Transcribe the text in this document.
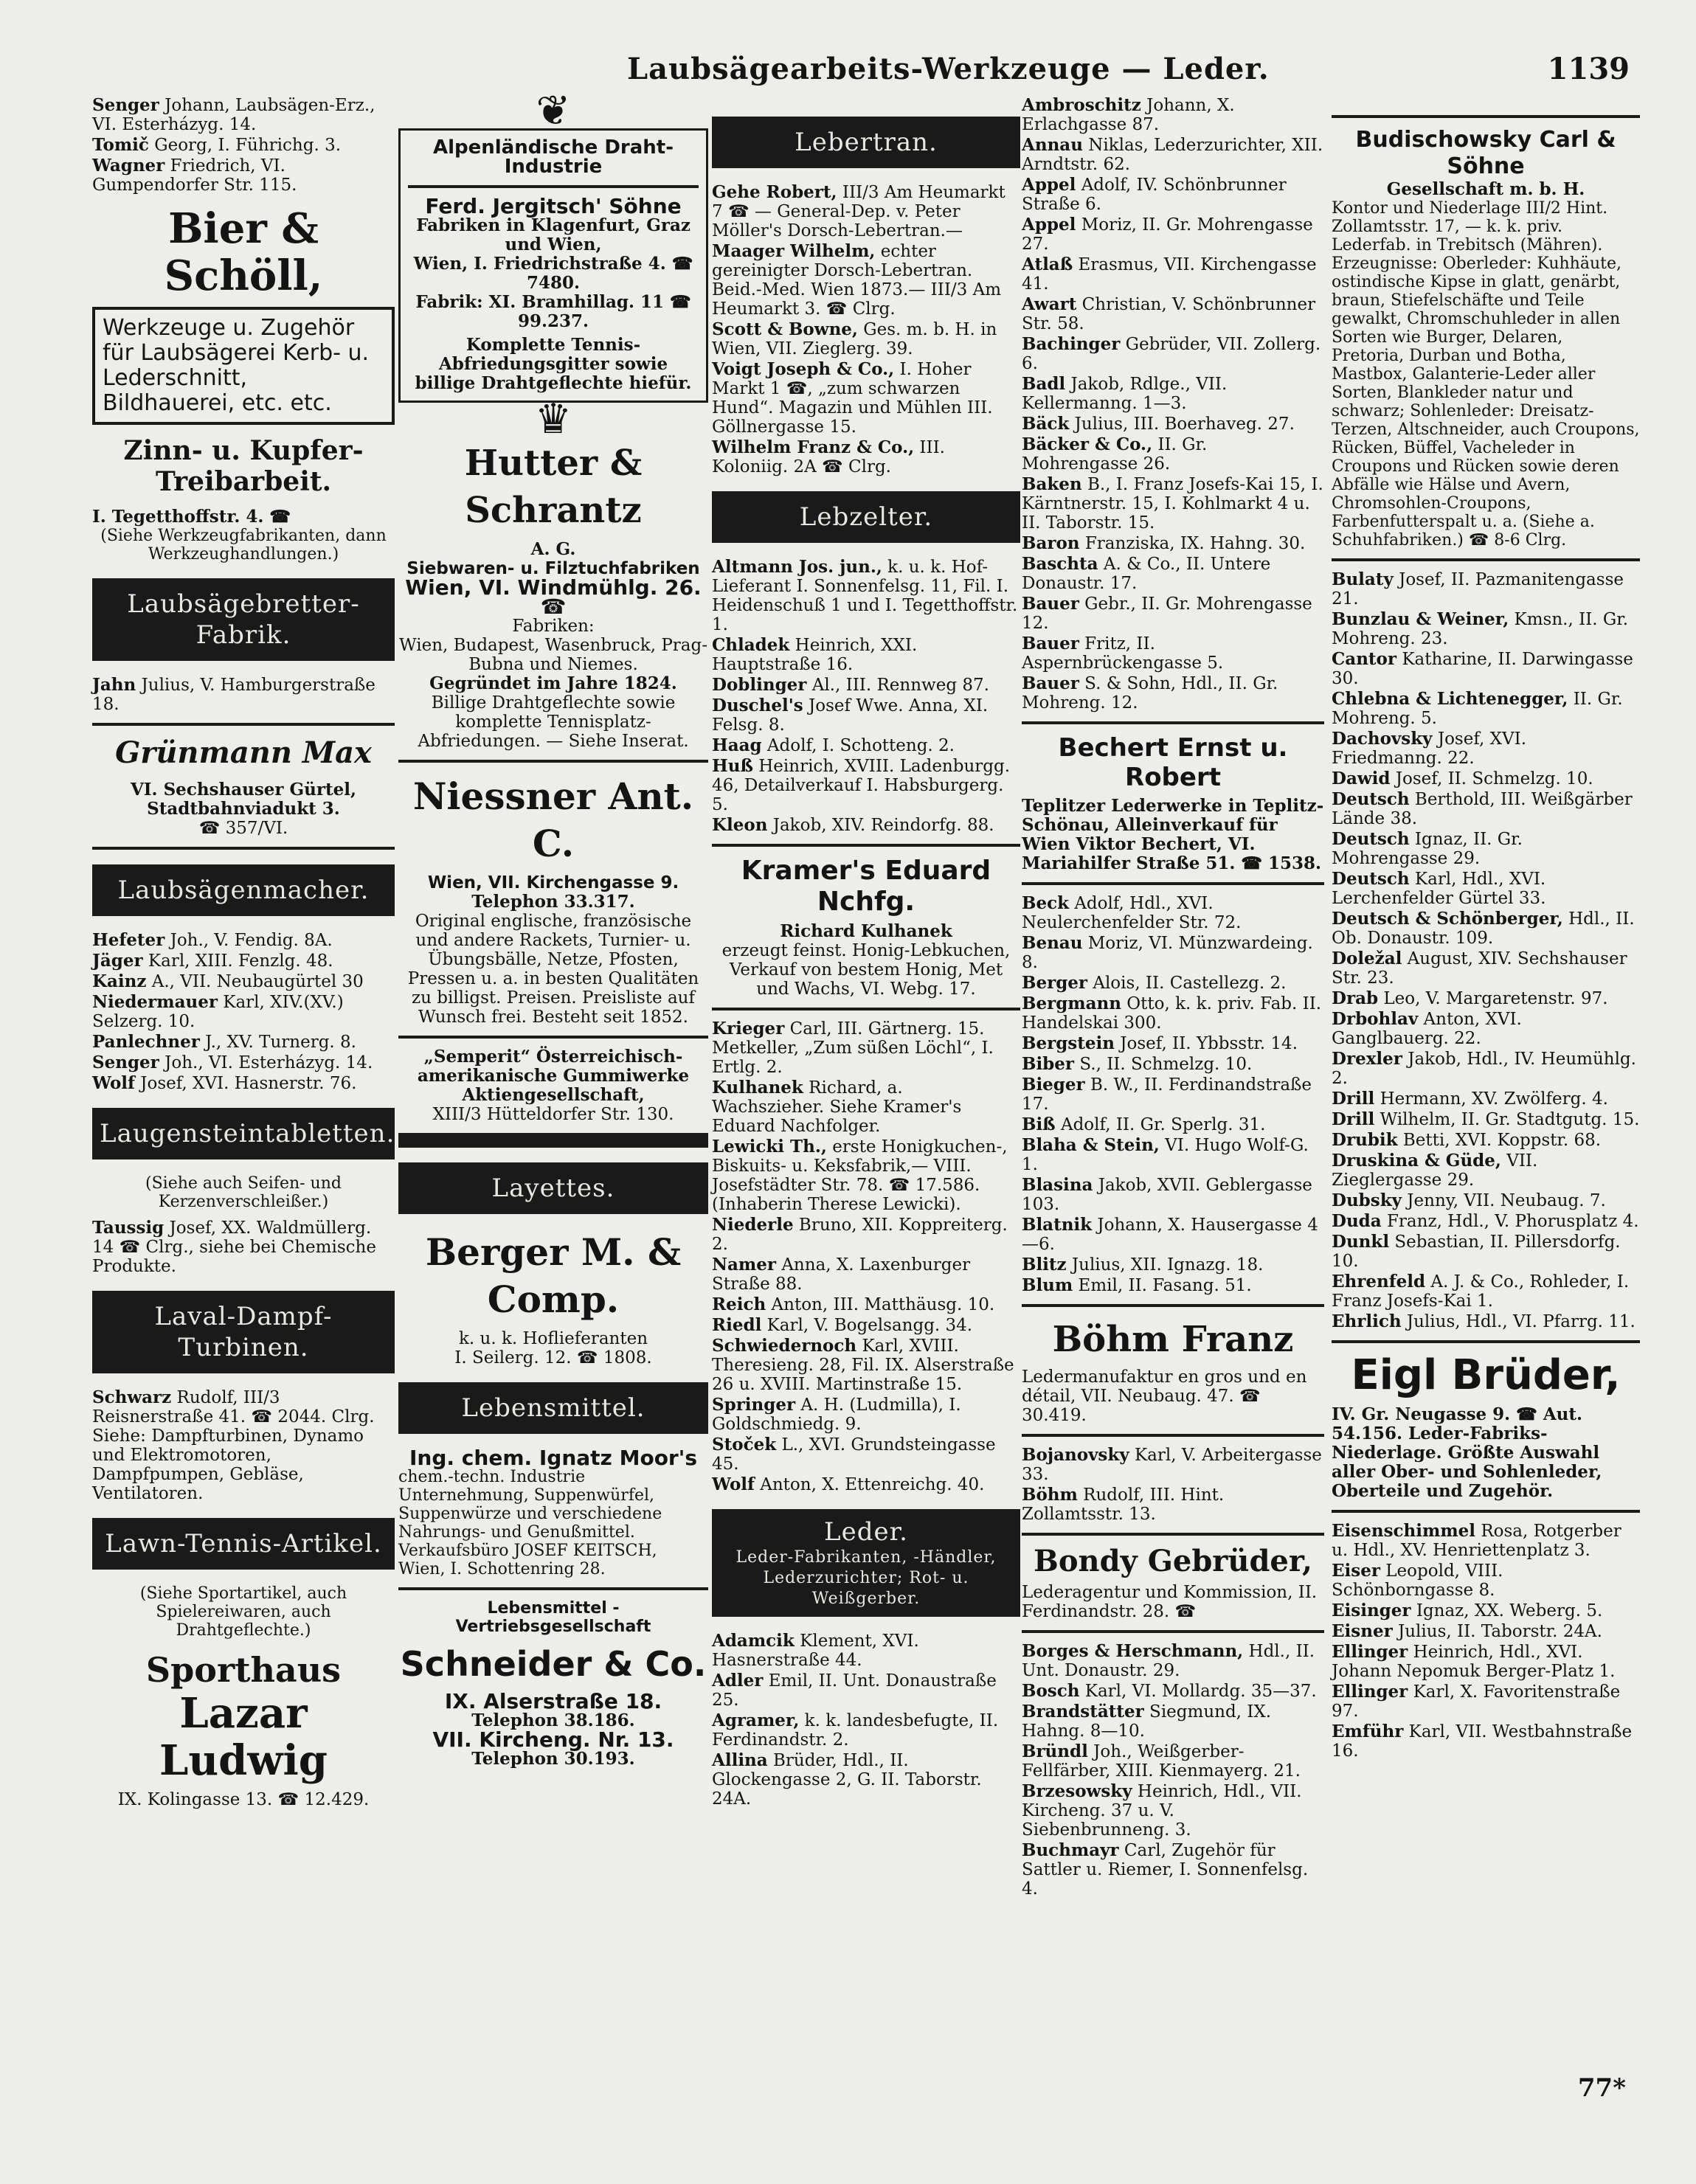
Laubsägearbeits-Werkzeuge — Leder.	1139
Senger Johann, Laubsägen-Erz., VI. Esterházyg. 14.
Tomič Georg, I. Führichg. 3.
Wagner Friedrich, VI. Gumpendorfer Str. 115.
Bier & Schöll,
Werkzeuge u. Zugehör für Laubsägerei Kerb- u. Lederschnitt, Bildhauerei, etc. etc.
Zinn- u. Kupfer-Treibarbeit.
I. Tegetthoffstr. 4. ☎
(Siehe Werkzeugfabrikanten, dann Werkzeughandlungen.)
Laubsägebretter-Fabrik.
Jahn Julius, V. Hamburgerstraße 18.
Grünmann Max
VI. Sechshauser Gürtel, Stadtbahnviadukt 3.
☎ 357/VI.
Laubsägenmacher.
Hefeter Joh., V. Fendig. 8A.
Jäger Karl, XIII. Fenzlg. 48.
Kainz A., VII. Neubaugürtel 30
Niedermauer Karl, XIV.(XV.) Selzerg. 10.
Panlechner J., XV. Turnerg. 8.
Senger Joh., VI. Esterházyg. 14.
Wolf Josef, XVI. Hasnerstr. 76.
Laugensteintabletten.
(Siehe auch Seifen- und Kerzenverschleißer.)
Taussig Josef, XX. Waldmüllerg. 14 ☎ Clrg., siehe bei Chemische Produkte.
Laval-Dampf-Turbinen.
Schwarz Rudolf, III/3 Reisnerstraße 41. ☎ 2044. Clrg. Siehe: Dampfturbinen, Dynamo und Elektromotoren, Dampfpumpen, Gebläse, Ventilatoren.
Lawn-Tennis-Artikel.
(Siehe Sportartikel, auch Spielereiwaren, auch Drahtgeflechte.)
Sporthaus
Lazar Ludwig
IX. Kolingasse 13. ☎ 12.429.
❦
Alpenländische Draht-Industrie
Ferd. Jergitsch' Söhne
Fabriken in Klagenfurt, Graz und Wien,
Wien, I. Friedrichstraße 4. ☎ 7480.
Fabrik: XI. Bramhillag. 11 ☎ 99.237.
Komplette Tennis-Abfriedungsgitter sowie billige Drahtgeflechte hiefür.
♛
Hutter & Schrantz
A. G.
Siebwaren- u. Filztuchfabriken
Wien, VI. Windmühlg. 26. ☎
Fabriken:
Wien, Budapest, Wasenbruck, Prag-Bubna und Niemes.
Gegründet im Jahre 1824.
Billige Drahtgeflechte sowie komplette Tennisplatz-Abfriedungen. — Siehe Inserat.
Niessner Ant. C.
Wien, VII. Kirchengasse 9.
Telephon 33.317.
Original englische, französische und andere Rackets, Turnier- u. Übungsbälle, Netze, Pfosten, Pressen u. a. in besten Qualitäten zu billigst. Preisen. Preisliste auf Wunsch frei. Besteht seit 1852.
„Semperit“ Österreichisch-amerikanische Gummiwerke Aktiengesellschaft,
XIII/3 Hütteldorfer Str. 130.
Layettes.
Berger M. & Comp.
k. u. k. Hoflieferanten
I. Seilerg. 12. ☎ 1808.
Lebensmittel.
Ing. chem. Ignatz Moor's
chem.-techn. Industrie Unternehmung, Suppenwürfel, Suppenwürze und verschiedene Nahrungs- und Genußmittel. Verkaufsbüro JOSEF KEITSCH, Wien, I. Schottenring 28.
Lebensmittel - Vertriebsgesellschaft
Schneider & Co.
IX. Alserstraße 18.
Telephon 38.186.
VII. Kircheng. Nr. 13.
Telephon 30.193.
Lebertran.
Gehe Robert, III/3 Am Heumarkt 7 ☎ — General-Dep. v. Peter Möller's Dorsch-Lebertran.—
Maager Wilhelm, echter gereinigter Dorsch-Lebertran. Beid.-Med. Wien 1873.— III/3 Am Heumarkt 3. ☎ Clrg.
Scott & Bowne, Ges. m. b. H. in Wien, VII. Zieglerg. 39.
Voigt Joseph & Co., I. Hoher Markt 1 ☎, „zum schwarzen Hund“. Magazin und Mühlen III. Göllnergasse 15.
Wilhelm Franz & Co., III. Koloniig. 2A ☎ Clrg.
Lebzelter.
Altmann Jos. jun., k. u. k. Hof-Lieferant I. Sonnenfelsg. 11, Fil. I. Heidenschuß 1 und I. Tegetthoffstr. 1.
Chladek Heinrich, XXI. Hauptstraße 16.
Doblinger Al., III. Rennweg 87.
Duschel's Josef Wwe. Anna, XI. Felsg. 8.
Haag Adolf, I. Schotteng. 2.
Huß Heinrich, XVIII. Ladenburgg. 46, Detailverkauf I. Habsburgerg. 5.
Kleon Jakob, XIV. Reindorfg. 88.
Kramer's Eduard Nchfg.
Richard Kulhanek
erzeugt feinst. Honig-Lebkuchen, Verkauf von bestem Honig, Met und Wachs, VI. Webg. 17.
Krieger Carl, III. Gärtnerg. 15. Metkeller, „Zum süßen Löchl“, I. Ertlg. 2.
Kulhanek Richard, a. Wachszieher. Siehe Kramer's Eduard Nachfolger.
Lewicki Th., erste Honigkuchen-, Biskuits- u. Keksfabrik,— VIII. Josefstädter Str. 78. ☎ 17.586. (Inhaberin Therese Lewicki).
Niederle Bruno, XII. Koppreiterg. 2.
Namer Anna, X. Laxenburger Straße 88.
Reich Anton, III. Matthäusg. 10.
Riedl Karl, V. Bogelsangg. 34.
Schwiedernoch Karl, XVIII. Theresieng. 28, Fil. IX. Alserstraße 26 u. XVIII. Martinstraße 15.
Springer A. H. (Ludmilla), I. Goldschmiedg. 9.
Stoček L., XVI. Grundsteingasse 45.
Wolf Anton, X. Ettenreichg. 40.
Leder.
Leder-Fabrikanten, -Händler, Lederzurichter; Rot- u. Weißgerber.
Adamcik Klement, XVI. Hasnerstraße 44.
Adler Emil, II. Unt. Donaustraße 25.
Agramer, k. k. landesbefugte, II. Ferdinandstr. 2.
Allina Brüder, Hdl., II. Glockengasse 2, G. II. Taborstr. 24A.
Ambroschitz Johann, X. Erlachgasse 87.
Annau Niklas, Lederzurichter, XII. Arndtstr. 62.
Appel Adolf, IV. Schönbrunner Straße 6.
Appel Moriz, II. Gr. Mohrengasse 27.
Atlaß Erasmus, VII. Kirchengasse 41.
Awart Christian, V. Schönbrunner Str. 58.
Bachinger Gebrüder, VII. Zollerg. 6.
Badl Jakob, Rdlge., VII. Kellermanng. 1—3.
Bäck Julius, III. Boerhaveg. 27.
Bäcker & Co., II. Gr. Mohrengasse 26.
Baken B., I. Franz Josefs-Kai 15, I. Kärntnerstr. 15, I. Kohlmarkt 4 u. II. Taborstr. 15.
Baron Franziska, IX. Hahng. 30.
Baschta A. & Co., II. Untere Donaustr. 17.
Bauer Gebr., II. Gr. Mohrengasse 12.
Bauer Fritz, II. Aspernbrückengasse 5.
Bauer S. & Sohn, Hdl., II. Gr. Mohreng. 12.
Bechert Ernst u. Robert
Teplitzer Lederwerke in Teplitz-Schönau, Alleinverkauf für Wien Viktor Bechert, VI. Mariahilfer Straße 51. ☎ 1538.
Beck Adolf, Hdl., XVI. Neulerchenfelder Str. 72.
Benau Moriz, VI. Münzwardeing. 8.
Berger Alois, II. Castellezg. 2.
Bergmann Otto, k. k. priv. Fab. II. Handelskai 300.
Bergstein Josef, II. Ybbsstr. 14.
Biber S., II. Schmelzg. 10.
Bieger B. W., II. Ferdinandstraße 17.
Biß Adolf, II. Gr. Sperlg. 31.
Blaha & Stein, VI. Hugo Wolf-G. 1.
Blasina Jakob, XVII. Geblergasse 103.
Blatnik Johann, X. Hausergasse 4—6.
Blitz Julius, XII. Ignazg. 18.
Blum Emil, II. Fasang. 51.
Böhm Franz
Ledermanufaktur en gros und en détail, VII. Neubaug. 47. ☎ 30.419.
Bojanovsky Karl, V. Arbeitergasse 33.
Böhm Rudolf, III. Hint. Zollamtsstr. 13.
Bondy Gebrüder,
Lederagentur und Kommission, II. Ferdinandstr. 28. ☎
Borges & Herschmann, Hdl., II. Unt. Donaustr. 29.
Bosch Karl, VI. Mollardg. 35—37.
Brandstätter Siegmund, IX. Hahng. 8—10.
Bründl Joh., Weißgerber-Fellfärber, XIII. Kienmayerg. 21.
Brzesowsky Heinrich, Hdl., VII. Kircheng. 37 u. V. Siebenbrunneng. 3.
Buchmayr Carl, Zugehör für Sattler u. Riemer, I. Sonnenfelsg. 4.
Budischowsky Carl & Söhne
Gesellschaft m. b. H.
Kontor und Niederlage III/2 Hint. Zollamtsstr. 17, — k. k. priv. Lederfab. in Trebitsch (Mähren). Erzeugnisse: Oberleder: Kuhhäute, ostindische Kipse in glatt, genärbt, braun, Stiefelschäfte und Teile gewalkt, Chromschuhleder in allen Sorten wie Burger, Delaren, Pretoria, Durban und Botha, Mastbox, Galanterie-Leder aller Sorten, Blankleder natur und schwarz; Sohlenleder: Dreisatz-Terzen, Altschneider, auch Croupons, Rücken, Büffel, Vacheleder in Croupons und Rücken sowie deren Abfälle wie Hälse und Avern, Chromsohlen-Croupons, Farbenfutterspalt u. a. (Siehe a. Schuhfabriken.) ☎ 8-6 Clrg.
Bulaty Josef, II. Pazmanitengasse 21.
Bunzlau & Weiner, Kmsn., II. Gr. Mohreng. 23.
Cantor Katharine, II. Darwingasse 30.
Chlebna & Lichtenegger, II. Gr. Mohreng. 5.
Dachovsky Josef, XVI. Friedmanng. 22.
Dawid Josef, II. Schmelzg. 10.
Deutsch Berthold, III. Weißgärber Lände 38.
Deutsch Ignaz, II. Gr. Mohrengasse 29.
Deutsch Karl, Hdl., XVI. Lerchenfelder Gürtel 33.
Deutsch & Schönberger, Hdl., II. Ob. Donaustr. 109.
Doležal August, XIV. Sechshauser Str. 23.
Drab Leo, V. Margaretenstr. 97.
Drbohlav Anton, XVI. Ganglbauerg. 22.
Drexler Jakob, Hdl., IV. Heumühlg. 2.
Drill Hermann, XV. Zwölferg. 4.
Drill Wilhelm, II. Gr. Stadtgutg. 15.
Drubik Betti, XVI. Koppstr. 68.
Druskina & Güde, VII. Zieglergasse 29.
Dubsky Jenny, VII. Neubaug. 7.
Duda Franz, Hdl., V. Phorusplatz 4.
Dunkl Sebastian, II. Pillersdorfg. 10.
Ehrenfeld A. J. & Co., Rohleder, I. Franz Josefs-Kai 1.
Ehrlich Julius, Hdl., VI. Pfarrg. 11.
Eigl Brüder,
IV. Gr. Neugasse 9. ☎ Aut. 54.156. Leder-Fabriks-Niederlage. Größte Auswahl aller Ober- und Sohlenleder, Oberteile und Zugehör.
Eisenschimmel Rosa, Rotgerber u. Hdl., XV. Henriettenplatz 3.
Eiser Leopold, VIII. Schönborngasse 8.
Eisinger Ignaz, XX. Weberg. 5.
Eisner Julius, II. Taborstr. 24A.
Ellinger Heinrich, Hdl., XVI. Johann Nepomuk Berger-Platz 1.
Ellinger Karl, X. Favoritenstraße 97.
Emführ Karl, VII. Westbahnstraße 16.
77*
